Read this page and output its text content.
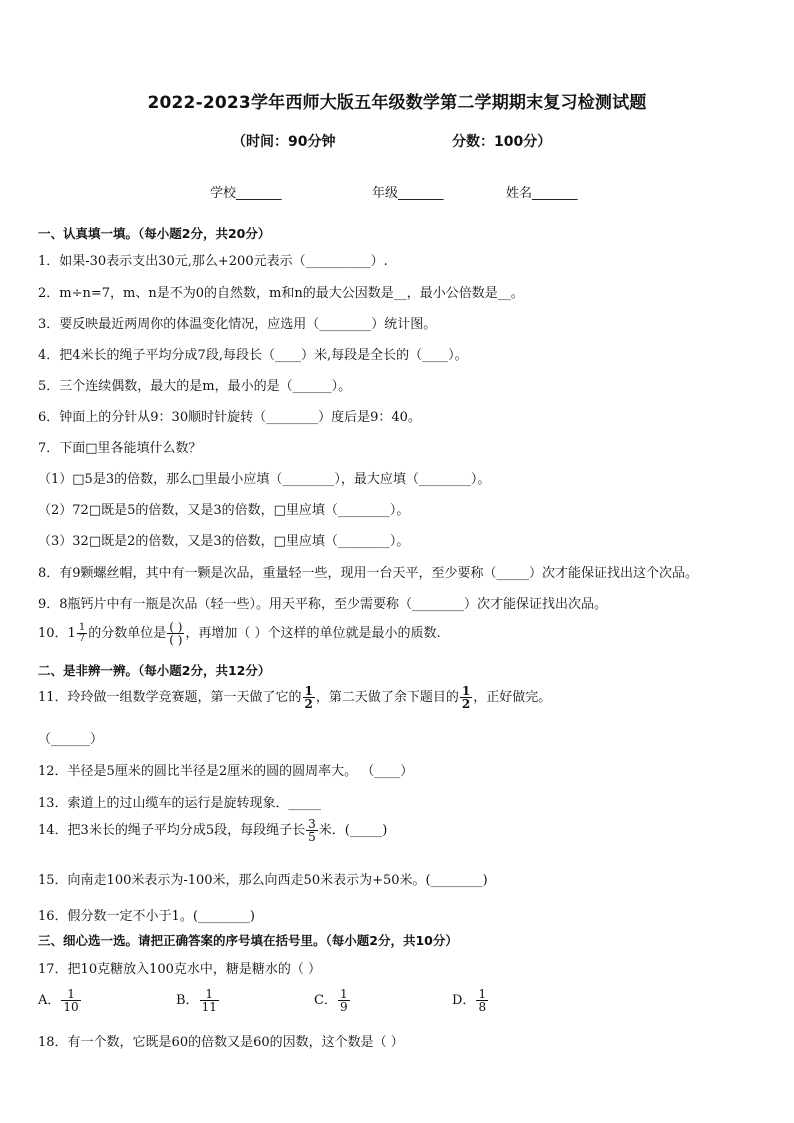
2022-2023学年西师大版五年级数学第二学期期末复习检测试题
（时间：90分钟	分数：100分）
学校_______	年级_______	姓名_______
一、认真填一填。（每小题2分，共20分）
1．如果-30表示支出30元,那么+200元表示（__________）.
2．m÷n=7，m、n是不为0的自然数，m和n的最大公因数是__，最小公倍数是__。
3．要反映最近两周你的体温变化情况，应选用（________）统计图。
4．把4米长的绳子平均分成7段,每段长（____）米,每段是全长的（____）。
5．三个连续偶数，最大的是m，最小的是（______）。
6．钟面上的分针从9：30顺时针旋转（________）度后是9：40。
7．下面□里各能填什么数？
（1）□5是3的倍数，那么□里最小应填（________），最大应填（________）。
（2）72□既是5的倍数，又是3的倍数，□里应填（________）。
（3）32□既是2的倍数，又是3的倍数，□里应填（________）。
8．有9颗螺丝帽，其中有一颗是次品，重量轻一些，现用一台天平，至少要称（_____）次才能保证找出这个次品。
9．8瓶钙片中有一瓶是次品（轻一些）。用天平称，至少需要称（________）次才能保证找出次品。
10．$1 \frac{1}{7}$ 的分数单位是 $\frac{( )}{( )}$ ，再增加（ ）个这样的单位就是最小的质数.
二、是非辨一辨。（每小题2分，共12分）
11．玲玲做一组数学竞赛题，第一天做了它的 $\frac{1}{2}$ ，第二天做了余下题目的 $\frac{1}{2}$ ，正好做完。
（______）
12．半径是5厘米的圆比半径是2厘米的圆的圆周率大。 （____）
13．索道上的过山缆车的运行是旋转现象．_____
14．把3米长的绳子平均分成5段，每段绳子长 $\frac{3}{5}$ 米．(_____)
15．向南走100米表示为-100米，那么向西走50米表示为+50米。(________)
16．假分数一定不小于1。(________)
三、细心选一选。请把正确答案的序号填在括号里。（每小题2分，共10分）
17．把10克糖放入100克水中，糖是糖水的（ ）
A． $\frac{1}{10}$	B． $\frac{1}{11}$	C． $\frac{1}{9}$	D． $\frac{1}{8}$
18．有一个数，它既是60的倍数又是60的因数，这个数是（ ）
